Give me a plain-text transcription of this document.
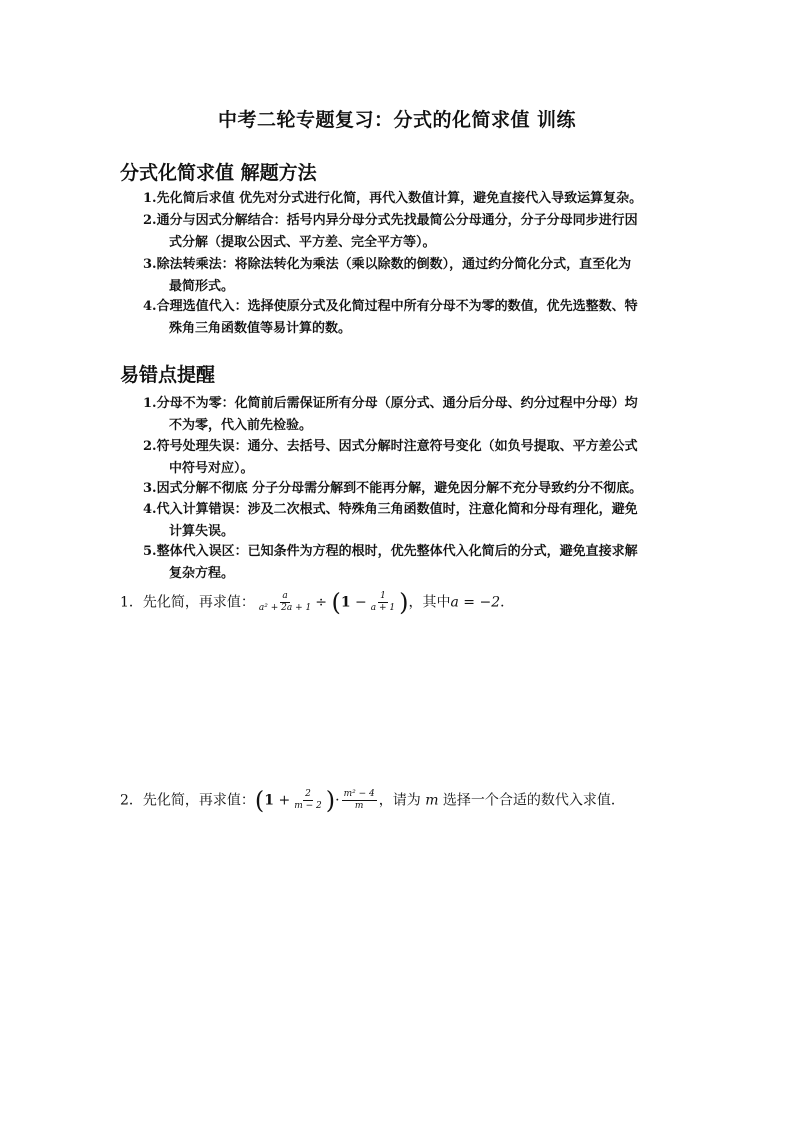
中考二轮专题复习：分式的化简求值 训练
分式化简求值 解题方法
1.先化简后求值 优先对分式进行化简，再代入数值计算，避免直接代入导致运算复杂。
2.通分与因式分解结合：括号内异分母分式先找最简公分母通分，分子分母同步进行因
式分解（提取公因式、平方差、完全平方等）。
3.除法转乘法：将除法转化为乘法（乘以除数的倒数），通过约分简化分式，直至化为
最简形式。
4.合理选值代入：选择使原分式及化简过程中所有分母不为零的数值，优先选整数、特
殊角三角函数值等易计算的数。
易错点提醒
1.分母不为零：化简前后需保证所有分母（原分式、通分后分母、约分过程中分母）均
不为零，代入前先检验。
2.符号处理失误：通分、去括号、因式分解时注意符号变化（如负号提取、平方差公式
中符号对应）。
3.因式分解不彻底 分子分母需分解到不能再分解，避免因分解不充分导致约分不彻底。
4.代入计算错误：涉及二次根式、特殊角三角函数值时，注意化简和分母有理化，避免
计算失误。
5.整体代入误区：已知条件为方程的根时，优先整体代入化简后的分式，避免直接求解
复杂方程。
1．先化简，再求值： $\frac{a}{\text{a² + 2a + 1}} \div (1 - \frac{1}{a + 1}$ )，其中a = −2．
2．先化简，再求值：($1 + \frac{2}{m - 2}$ )· $\frac{\text{m² − 4}}{m}$ ，请为 m 选择一个合适的数代入求值．
